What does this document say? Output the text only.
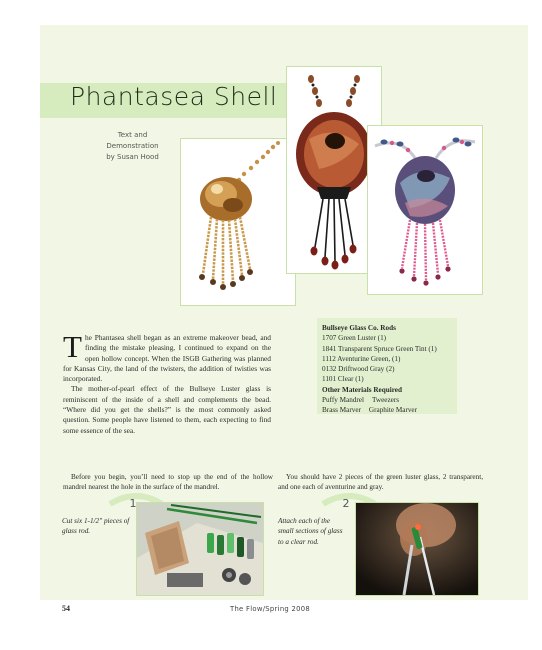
Phantasea Shell
Text and
Demonstration
by Susan Hood

The Phantasea shell began as an extreme makeover bead, and finding the mistake pleasing, I continued to expand on the open hollow concept. When the ISGB Gathering was planned for Kansas City, the land of the twisters, the addition of twisties was incorporated.

The mother-of-pearl effect of the Bullseye Luster glass is reminiscent of the inside of a shell and complements the bead. “Where did you get the shells?” is the most commonly asked question. Some people have listened to them, each expecting to find some essence of the sea.

Bullseye Glass Co. Rods
1707 Green Luster (1)
1841 Transparent Spruce Green Tint (1)
1112 Aventurine Green, (1)
0132 Driftwood Gray (2)
1101 Clear (1)
Other Materials Required
Puffy Mandrel Tweezers
Brass Marver Graphite Marver
Before you begin, you’ll need to stop up the end of the hollow mandrel nearest the hole in the surface of the mandrel.
1
Cut six 1-1/2" pieces of glass rod.
You should have 2 pieces of the green luster glass, 2 transparent, and one each of aventurine and gray.
2
Attach each of the small sections of glass to a clear rod.
54	The Flow/Spring 2008
